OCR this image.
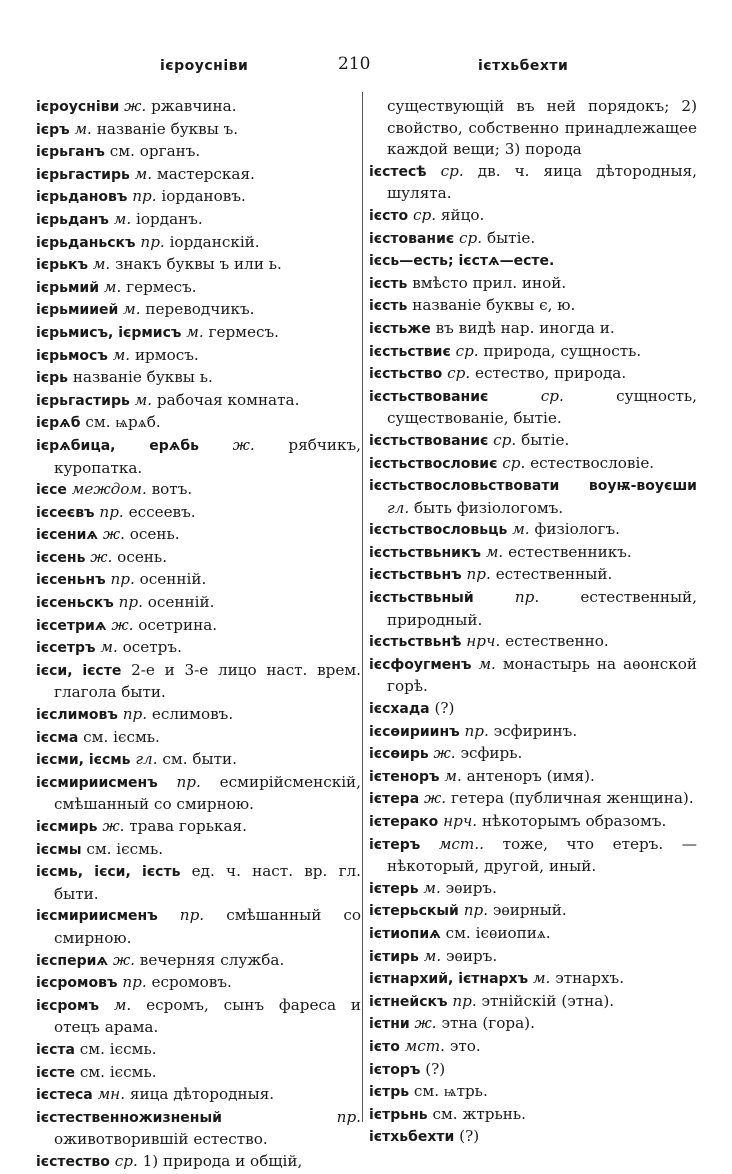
ієроусніви	210	ієтхьбехти

ієроусніви ж. ржавчина.

ієръ м. названіе буквы ъ.

ієрьганъ см. органъ.

ієрьгастирь м. мастерская.

ієрьдановъ пр. іордановъ.

ієрьданъ м. іорданъ.

ієрьданьскъ пр. іорданскій.

ієрькъ м. знакъ буквы ъ или ь.

ієрьмий м. гермесъ.

ієрьмиией м. переводчикъ.

ієрьмисъ, ієрмисъ м. гермесъ.

ієрьмосъ м. ирмосъ.

ієрь названіе буквы ь.

ієрьгастирь м. рабочая комната.

ієрѧб см. ѩрѧб.

ієрѧбица, ерѧбь ж. рябчикъ, куропатка.

ієсе междом. вотъ.

ієсеєвъ пр. ессеевъ.

ієсениѧ ж. осень.

ієсень ж. осень.

ієсеньнъ пр. осенній.

ієсеньскъ пр. осенній.

ієсетриѧ ж. осетрина.

ієсетръ м. осетръ.

ієси, ієсте 2-е и 3-е лицо наст. врем. глагола быти.

ієслимовъ пр. еслимовъ.

ієсма см. ієсмь.

ієсми, ієсмь гл. см. быти.

ієсмириисменъ пр. есмирійсменскій, смѣшанный со смирною.

ієсмирь ж. трава горькая.

ієсмы см. ієсмь.

ієсмь, ієси, ієсть ед. ч. наст. вр. гл. быти.

ієсмириисменъ пр. смѣшанный со смирною.

ієспериѧ ж. вечерняя служба.

ієсромовъ пр. есромовъ.

ієсромъ м. есромъ, сынъ фареса и отецъ арама.

ієста см. ієсмь.

ієсте см. ієсмь.

ієстеса мн. яица дѣтородныя.

ієстественножизненый	пр. оживотворившій естество.

ієстество ср. 1) природа и общій,

существующій въ ней порядокъ; 2) свойство, собственно принадлежащее каждой вещи; 3) порода

ієстесѣ ср. дв. ч. яица дѣтородныя, шулята.

ієсто ср. яйцо.

ієстованиє ср. бытіе.

ієсь—есть; ієстѧ—есте.

ієсть вмѣсто прил. иной.

ієсть названіе буквы є, ю.

ієстьже въ видѣ нар. иногда и.

ієстьствиє ср. природа, сущность.

ієстьство ср. естество, природа.

ієстьствованиє	ср.	сущность, существованіе, бытіе.

ієстьствованиє ср. бытіе.

ієстьствословиє ср. естествословіе.

ієстьствословьствовати воуѭ-воуєши гл. быть физіологомъ.

ієстьствословьць м. физіологъ.

ієстьствьникъ м. естественникъ.

ієстьствьнъ пр. естественный.

ієстьствьный	пр.	естественный, природный.

ієстьствьнѣ нрч. естественно.

ієсфоугменъ м. монастырь на аѳонской горѣ.

ієсхада (?)

ієсѳириинъ пр. эсфиринъ.

ієсѳирь ж. эсфирь.

ієтеноръ м. антеноръ (имя).

ієтера ж. гетера (публичная женщина).

ієтерако нрч. нѣкоторымъ образомъ.

ієтеръ мст.. тоже, что етеръ. — нѣкоторый, другой, иный.

ієтерь м. эѳиръ.

ієтерьскый пр. эѳирный.

ієтиопиѧ см. ієѳиопиѧ.

ієтирь м. эѳиръ.

ієтнархий, ієтнархъ м. этнархъ.

ієтнейскъ пр. этнійскій (этна).

ієтни ж. этна (гора).

ієто мст. это.

ієторъ (?)

ієтрь см. ѩтрь.

ієтрьнь см. жтрьнь.

ієтхьбехти (?)
